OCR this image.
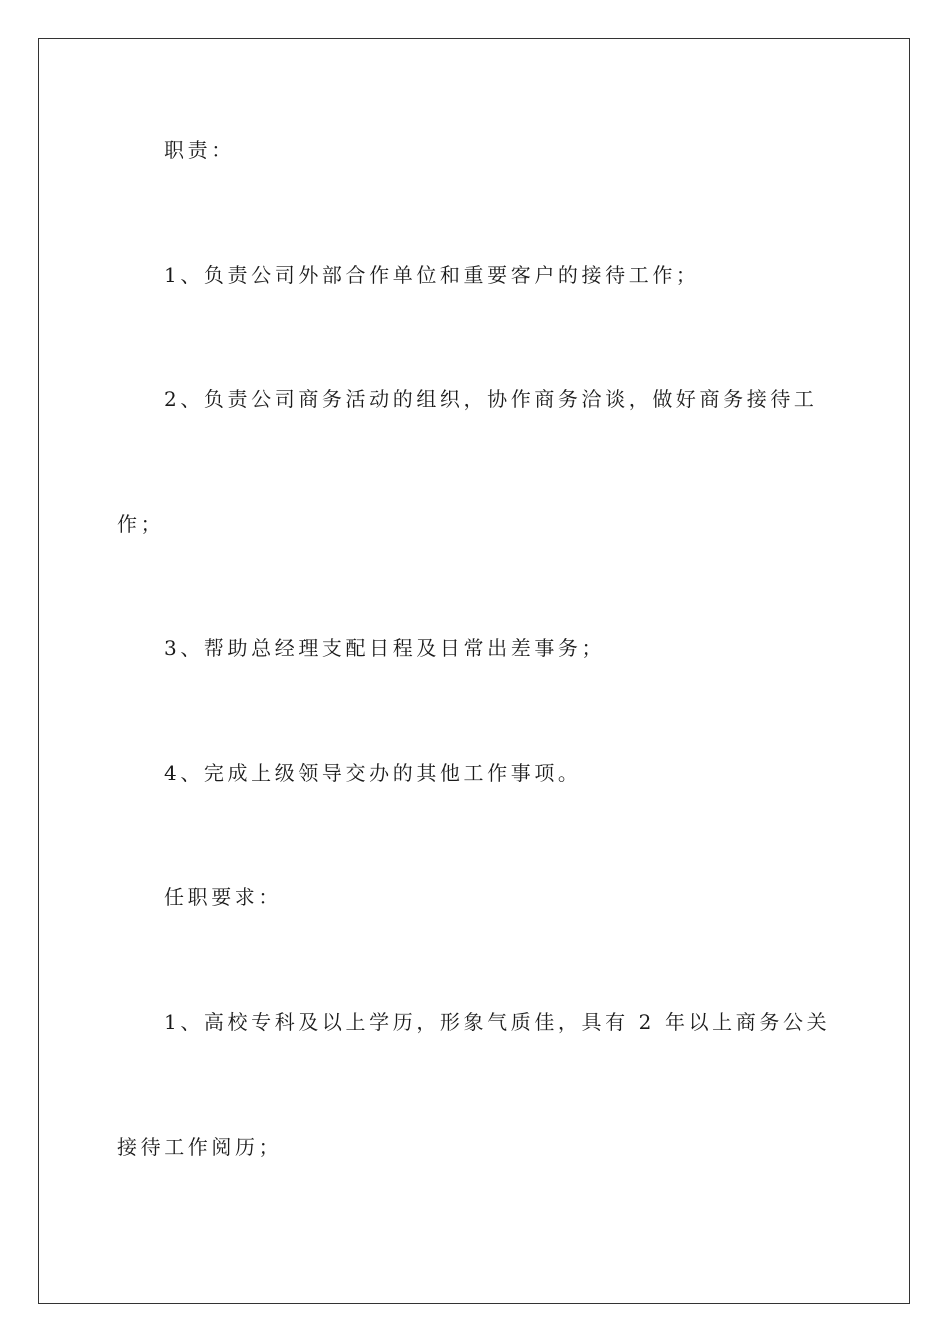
职责：
1、负责公司外部合作单位和重要客户的接待工作；
2、负责公司商务活动的组织，协作商务洽谈，做好商务接待工
作；
3、帮助总经理支配日程及日常出差事务；
4、完成上级领导交办的其他工作事项。
任职要求：
1、高校专科及以上学历，形象气质佳，具有 2 年以上商务公关
接待工作阅历；
